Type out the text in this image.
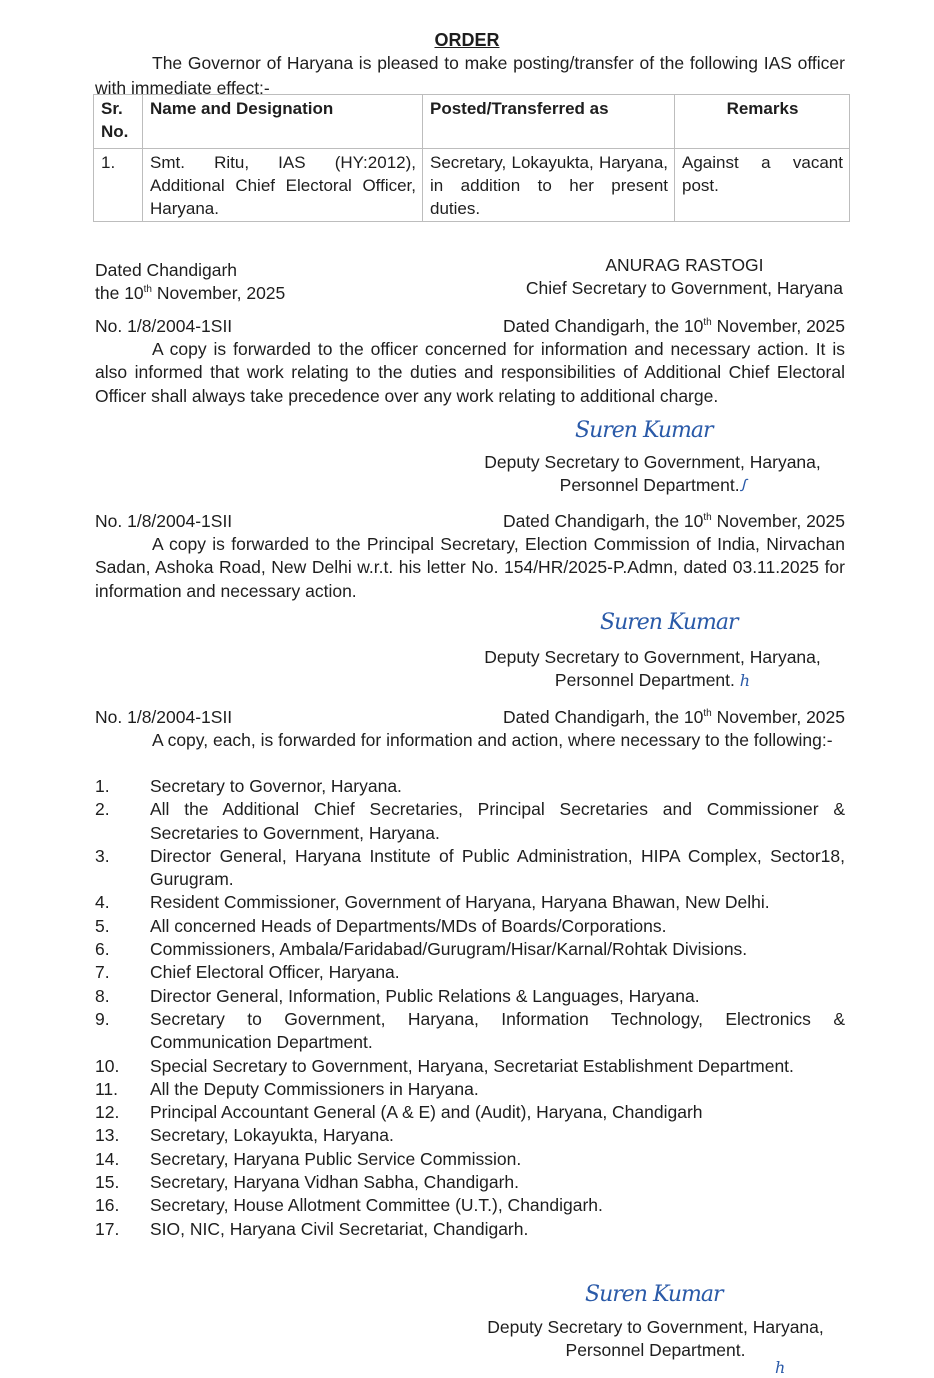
ORDER
The Governor of Haryana is pleased to make posting/transfer of the following IAS officer with immediate effect:-
Sr. No.	Name and Designation	Posted/Transferred as	Remarks
1.	Smt. Ritu, IAS (HY:2012), Additional Chief Electoral Officer, Haryana.	Secretary, Lokayukta, Haryana, in addition to her present duties.	Against a vacant post.
Dated Chandigarh
the 10th November, 2025
ANURAG RASTOGI
Chief Secretary to Government, Haryana
No. 1/8/2004-1SII	Dated Chandigarh, the 10th November, 2025
A copy is forwarded to the officer concerned for information and necessary action. It is also informed that work relating to the duties and responsibilities of Additional Chief Electoral Officer shall always take precedence over any work relating to additional charge.
Suren Kumar
Deputy Secretary to Government, Haryana,
Personnel Department.ꭍ
No. 1/8/2004-1SII	Dated Chandigarh, the 10th November, 2025
A copy is forwarded to the Principal Secretary, Election Commission of India, Nirvachan Sadan, Ashoka Road, New Delhi w.r.t. his letter No. 154/HR/2025-P.Admn, dated 03.11.2025 for information and necessary action.
Suren Kumar
Deputy Secretary to Government, Haryana,
Personnel Department. h
No. 1/8/2004-1SII	Dated Chandigarh, the 10th November, 2025
A copy, each, is forwarded for information and action, where necessary to the following:-
1.	Secretary to Governor, Haryana.
2.	All the Additional Chief Secretaries, Principal Secretaries and Commissioner & Secretaries to Government, Haryana.
3.	Director General, Haryana Institute of Public Administration, HIPA Complex, Sector18, Gurugram.
4.	Resident Commissioner, Government of Haryana, Haryana Bhawan, New Delhi.
5.	All concerned Heads of Departments/MDs of Boards/Corporations.
6.	Commissioners, Ambala/Faridabad/Gurugram/Hisar/Karnal/Rohtak Divisions.
7.	Chief Electoral Officer, Haryana.
8.	Director General, Information, Public Relations & Languages, Haryana.
9.	Secretary to Government, Haryana, Information Technology, Electronics & Communication Department.
10.	Special Secretary to Government, Haryana, Secretariat Establishment Department.
11.	All the Deputy Commissioners in Haryana.
12.	Principal Accountant General (A & E) and (Audit), Haryana, Chandigarh
13.	Secretary, Lokayukta, Haryana.
14.	Secretary, Haryana Public Service Commission.
15.	Secretary, Haryana Vidhan Sabha, Chandigarh.
16.	Secretary, House Allotment Committee (U.T.), Chandigarh.
17.	SIO, NIC, Haryana Civil Secretariat, Chandigarh.
Suren Kumar
Deputy Secretary to Government, Haryana,
Personnel Department.
h
